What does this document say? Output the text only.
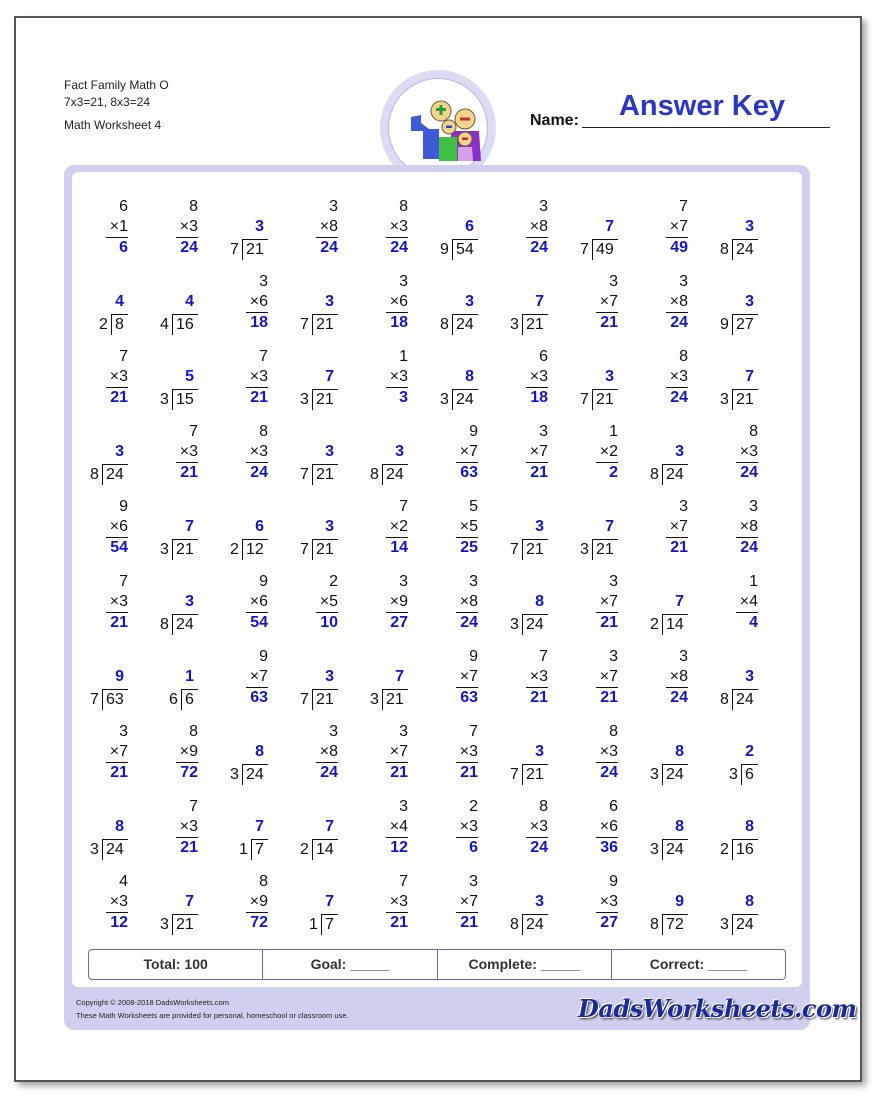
Fact Family Math O
7x3=21, 8x3=24
Math Worksheet 4
Answer Key
Name:
6
×1
6
8
×3
24
3
7 21
3
×8
24
8
×3
24
6
9 54
3
×8
24
7
7 49
7
×7
49
3
8 24
4
2 8
4
4 16
3
×6
18
3
7 21
3
×6
18
3
8 24
7
3 21
3
×7
21
3
×8
24
3
9 27
7
×3
21
5
3 15
7
×3
21
7
3 21
1
×3
3
8
3 24
6
×3
18
3
7 21
8
×3
24
7
3 21
3
8 24
7
×3
21
8
×3
24
3
7 21
3
8 24
9
×7
63
3
×7
21
1
×2
2
3
8 24
8
×3
24
9
×6
54
7
3 21
6
2 12
3
7 21
7
×2
14
5
×5
25
3
7 21
7
3 21
3
×7
21
3
×8
24
7
×3
21
3
8 24
9
×6
54
2
×5
10
3
×9
27
3
×8
24
8
3 24
3
×7
21
7
2 14
1
×4
4
9
7 63
1
6 6
9
×7
63
3
7 21
7
3 21
9
×7
63
7
×3
21
3
×7
21
3
×8
24
3
8 24
3
×7
21
8
×9
72
8
3 24
3
×8
24
3
×7
21
7
×3
21
3
7 21
8
×3
24
8
3 24
2
3 6
8
3 24
7
×3
21
7
1 7
7
2 14
3
×4
12
2
×3
6
8
×3
24
6
×6
36
8
3 24
8
2 16
4
×3
12
7
3 21
8
×9
72
7
1 7
7
×3
21
3
×7
21
3
8 24
9
×3
27
9
8 72
8
3 24
Total: 100	Goal: _____	Complete: _____	Correct: _____
Copyright © 2008-2018 DadsWorksheets.com
These Math Worksheets are provided for personal, homeschool or classroom use.	DadsWorksheets.com
